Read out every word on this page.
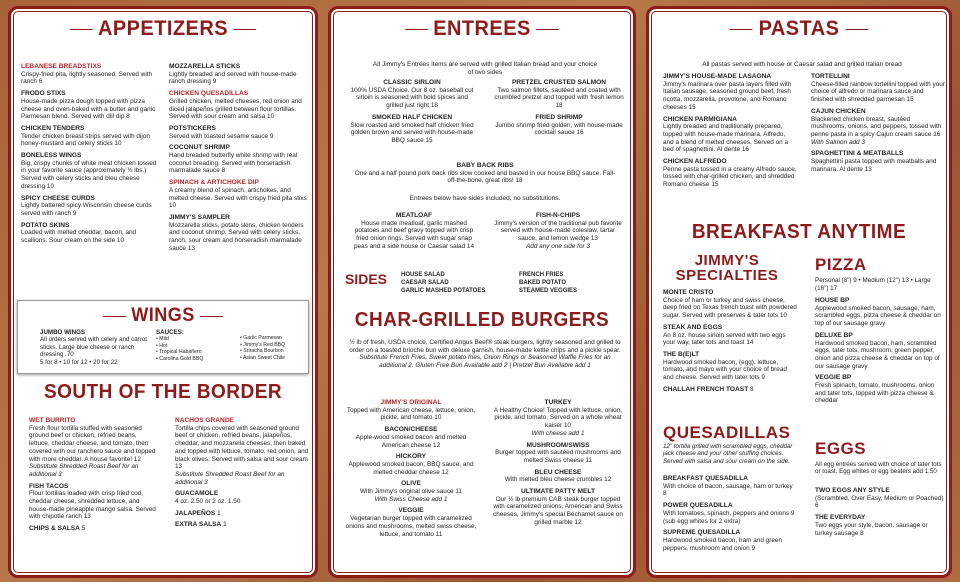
APPETIZERS
LEBANESE BREADSTIXS
Crispy-fried pita, lightly seasoned. Served with ranch 6
FRODO STIXS
House-made pizza dough topped with pizza cheese and oven-baked with a butter and garlic Parmesan blend. Served with dill dip 8
CHICKEN TENDERS
Tender chicken breast strips served with dijon honey-mustard and celery sticks 10
BONELESS WINGS
Big, crispy chunks of white meat chicken tossed in your favorite sauce (approximately ½ lbs.) Served with celery sticks and bleu cheese dressing 10
SPICY CHEESE CURDS
Lightly battered spicy Wisconsin cheese curds served with ranch 9
POTATO SKINS
Loaded with melted cheddar, bacon, and scallions. Sour cream on the side 10
MOZZARELLA STICKS
Lightly breaded and served with house-made ranch dressing 9
CHICKEN QUESADILLAS
Grilled chicken, melted cheeses, red onion and diced jalapeños grilled between flour tortillas. Served with sour cream and salsa 10
POTSTICKERS
Served with toasted sesame sauce 9
COCONUT SHRIMP
Hand breaded butterfly white shrimp with real coconut breading. Served with horseradish marmalade sauce 8
SPINACH & ARTICHOKE DIP
A creamy blend of spinach, artichokes, and melted cheese. Served with crispy fried pita stixs 10
JIMMY'S SAMPLER
Mozzarella sticks, potato skins, chicken tenders and coconut shrimp. Served with celery sticks, ranch, sour cream and horseradish marmalade sauce 13
WINGS
JUMBO WINGS
All orders served with celery and carrot sticks. Large blue cheese or ranch dressing .70
5 for 8 • 10 for 12 • 20 for 22
SAUCES:
• Mild
• Hot
• Tropical Habañero
• Carolina Gold BBQ
• Garlic Parmesan
• Jimmy's Red BBQ
• Sriracha Bourbon
• Asian Sweet Chile
SOUTH OF THE BORDER
WET BURRITO
Fresh flour tortilla stuffed with seasoned ground beef or chicken, refried beans, lettuce, cheddar cheese, and tomato, then covered with our ranchero sauce and topped with more cheddar. A house favorite! 12
Substitute Shredded Roast Beef for an additional 3
FISH TACOS
Flour tortillas loaded with crisp fried cod, cheddar cheese, shredded lettuce, and house-made pineapple mango salsa. Served with chipotle ranch 13
CHIPS & SALSA 5
NACHOS GRANDE
Tortilla chips covered with seasoned ground beef or chicken, refried beans, jalapeños, cheddar, and mozzarella cheeses, then baked and topped with lettuce, tomato, red onion, and black olives. Served with salsa and sour cream 13
Substitute Shredded Roast Beef for an additional 3
GUACAMOLE
4 oz. 2.50 or 2 oz. 1.50
JALAPEÑOS 1
EXTRA SALSA 1
ENTREES
All Jimmy's Entrées items are served with grilled Italian bread and your choice of two sides
CLASSIC SIRLOIN
100% USDA Choice. Our 8 oz. baseball cut sirloin is seasoned with bold spices and grilled just right 18
SMOKED HALF CHICKEN
Slow roasted and smoked half chicken fried golden brown and served with house-made BBQ sauce 15
PRETZEL CRUSTED SALMON
Two salmon fillets, sautéed and coated with crumbled pretzel and topped with fresh lemon 18
FRIED SHRIMP
Jumbo shrimp fried golden, with house-made cocktail sauce 16
BABY BACK RIBS
One and a half pound pork back ribs slow cooked and basted in our house BBQ sauce. Fall-off-the-bone, great ribs! 18
Entrees below have sides included, no substitutions.
MEATLOAF
House made meatloaf, garlic mashed potatoes and beef gravy topped with crisp fried onion rings. Served with sugar snap peas and a side house or Caesar salad 14
FISH-N-CHIPS
Jimmy's version of the traditional pub favorite served with house-made coleslaw, tartar sauce, and lemon wedge 13
Add any one side for 3
SIDES HOUSE SALAD
CAESAR SALAD
GARLIC MASHED POTATOES
FRENCH FRIES
BAKED POTATO
STEAMED VEGGIES
CHAR-GRILLED BURGERS
½ lb of fresh, USDA choice, Certified Angus Beef® steak burgers, lightly seasoned and grilled to order on a toasted brioche bun with deluxe garnish, house-made kettle chips and a pickle spear. Substitute French Fries, Sweet potato fries, Onion Rings or Seasoned Waffle Fries for an additional 2. Gluten Free Bun Available add 2 | Pretzel Bun Available add 1
JIMMY'S ORIGINAL
Topped with American cheese, lettuce, onion, pickle, and tomato 10
BACON/CHEESE
Apple-wood smoked bacon and melted American cheese 12
HICKORY
Applewood smoked bacon, BBQ sauce, and melted cheddar cheese 12
OLIVE
With Jimmy's original olive sauce 11
With Swiss Cheese add 1
VEGGIE
Vegetarian burger topped with caramelized onions and mushrooms, melted swiss cheese, lettuce, and tomato 11
TURKEY
A Healthy Choice! Topped with lettuce, onion, pickle, and tomato. Served on a whole wheat kaiser 10
With cheese add 1
MUSHROOM/SWISS
Burger topped with sautéed mushrooms and melted Swiss cheese 11
BLEU CHEESE
With melted bleu cheese crumbles 12
ULTIMATE PATTY MELT
Our ½ lb premium CAB steak burger topped with caramelized onions, American and Swiss cheeses, Jimmy's special Béchamel sauce on grilled marble 12
PASTAS
All pastas served with house or Caesar salad and grilled Italian bread
JIMMY'S HOUSE-MADE LASAGNA
Jimmy's marinara over pasta layers filled with Italian sausage, seasoned ground beef, fresh ricotta, mozzarella, provolone, and Romano cheeses 15
CHICKEN PARMIGIANA
Lightly breaded and traditionally prepared, topped with house-made marinara, Alfredo, and a blend of melted cheeses. Served on a bed of spaghettini. Al dente 16
CHICKEN ALFREDO
Penne pasta tossed in a creamy Alfredo sauce, tossed with char-grilled chicken, and shredded Romano cheese 15
TORTELLINI
Cheese-filled rainbow tortellini topped with your choice of alfredo or marinara sauce and finished with shredded parmesan 15
CAJUN CHICKEN
Blackened chicken breast, sautéed mushrooms, onions, and peppers, tossed with penne pasta in a spicy Cajun cream sauce 16
With Salmon add 3
SPAGHETTINI & MEATBALLS
Spaghettini pasta topped with meatballs and marinara. Al dente 13
BREAKFAST ANYTIME
JIMMY'S SPECIALTIES
MONTE CRISTO
Choice of ham or turkey and swiss cheese, deep fried on Texas french toast with powdered sugar. Served with preserves & tater tots 10
STEAK AND EGGS
An 8 oz. house sirloin served with two eggs your way, tater tots and toast 14
THE B(E)LT
Hardwood smoked bacon, (egg), lettuce, tomato, and mayo with your choice of bread and cheese. Served with tater tots 9
CHALLAH FRENCH TOAST 8
PIZZA
Personal (8") 9 • Medium (12") 13 • Large (16") 17
HOUSE BP
Applewood smoked bacon, sausage, ham, scrambled eggs, pizza cheese & cheddar on top of our sausage gravy
DELUXE BP
Hardwood smoked bacon, ham, scrambled eggs, tater tots, mushroom, green pepper, onion and pizza cheese & cheddar on top of our sausage gravy
VEGGIE BP
Fresh spinach, tomato, mushrooms, onion and tater tots, topped with pizza cheese & cheddar
QUESADILLAS
12" tortilla grilled with scrambled eggs, cheddar jack cheese and your other stuffing choices. Served with salsa and sour cream on the side.
BREAKFAST QUESADILLA
With choice of bacon, sausage, ham or turkey 8
POWER QUESADILLA
With tomatoes, spinach, peppers and onions 9 (sub egg whites for 2 extra)
SUPREME QUESADILLA
Hardwood smoked bacon, ham and green peppers, mushroom and onion 9
EGGS
All egg entrées served with choice of tater tots or toast. Egg whites or egg beaters add 1.50
TWO EGGS ANY STYLE
(Scrambled, Over Easy, Medium or Poached) 6
THE EVERYDAY
Two eggs your style, bacon, sausage or turkey sausage 8
